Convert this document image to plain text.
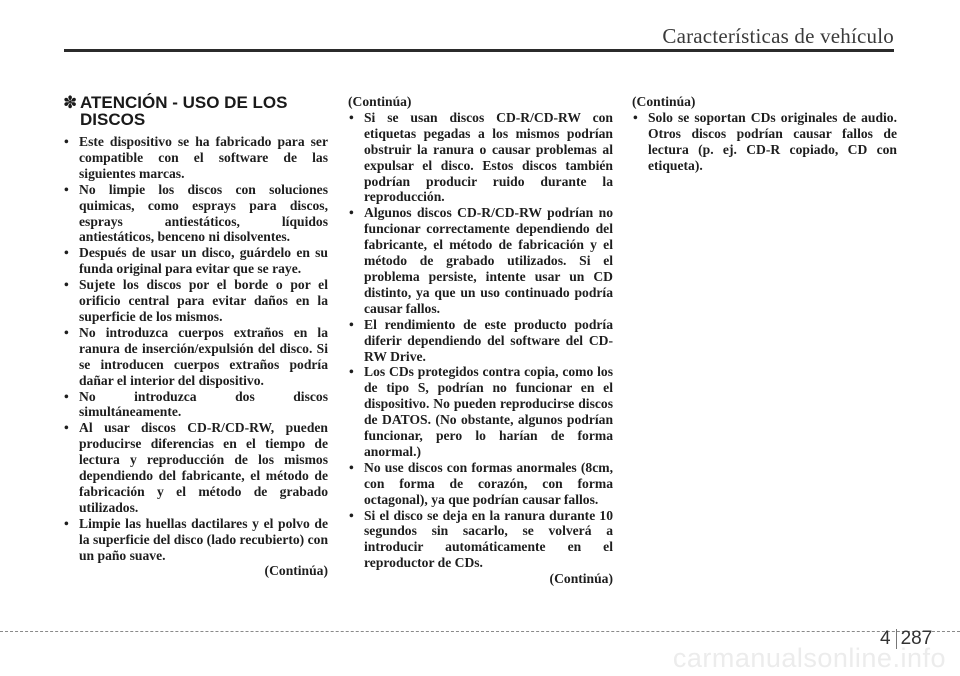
Características de vehículo
✽ ATENCIÓN - USO DE LOS
DISCOS
• Este dispositivo se ha fabricado para ser compatible con el software de las siguientes marcas.
• No limpie los discos con soluciones quimicas, como esprays para discos, esprays antiestáticos, líquidos antiestáticos, benceno ni disolventes.
• Después de usar un disco, guárdelo en su funda original para evitar que se raye.
• Sujete los discos por el borde o por el orificio central para evitar daños en la superficie de los mismos.
• No introduzca cuerpos extraños en la ranura de inserción/expulsión del disco. Si se introducen cuerpos extraños podría dañar el interior del dispositivo.
• No introduzca dos discos simultáneamente.
• Al usar discos CD-R/CD-RW, pueden producirse diferencias en el tiempo de lectura y reproducción de los mismos dependiendo del fabricante, el método de fabricación y el método de grabado utilizados.
• Limpie las huellas dactilares y el polvo de la superficie del disco (lado recubierto) con un paño suave.
(Continúa)
(Continúa)
• Si se usan discos CD-R/CD-RW con etiquetas pegadas a los mismos podrían obstruir la ranura o causar problemas al expulsar el disco. Estos discos también podrían producir ruido durante la reproducción.
• Algunos discos CD-R/CD-RW podrían no funcionar correctamente dependiendo del fabricante, el método de fabricación y el método de grabado utilizados. Si el problema persiste, intente usar un CD distinto, ya que un uso continuado podría causar fallos.
• El rendimiento de este producto podría diferir dependiendo del software del CD-RW Drive.
• Los CDs protegidos contra copia, como los de tipo S, podrían no funcionar en el dispositivo. No pueden reproducirse discos de DATOS. (No obstante, algunos podrían funcionar, pero lo harían de forma anormal.)
• No use discos con formas anormales (8cm, con forma de corazón, con forma octagonal), ya que podrían causar fallos.
• Si el disco se deja en la ranura durante 10 segundos sin sacarlo, se volverá a introducir automáticamente en el reproductor de CDs.
(Continúa)
(Continúa)
• Solo se soportan CDs originales de audio. Otros discos podrían causar fallos de lectura (p. ej. CD-R copiado, CD con etiqueta).
4 287
carmanualsonline.info
